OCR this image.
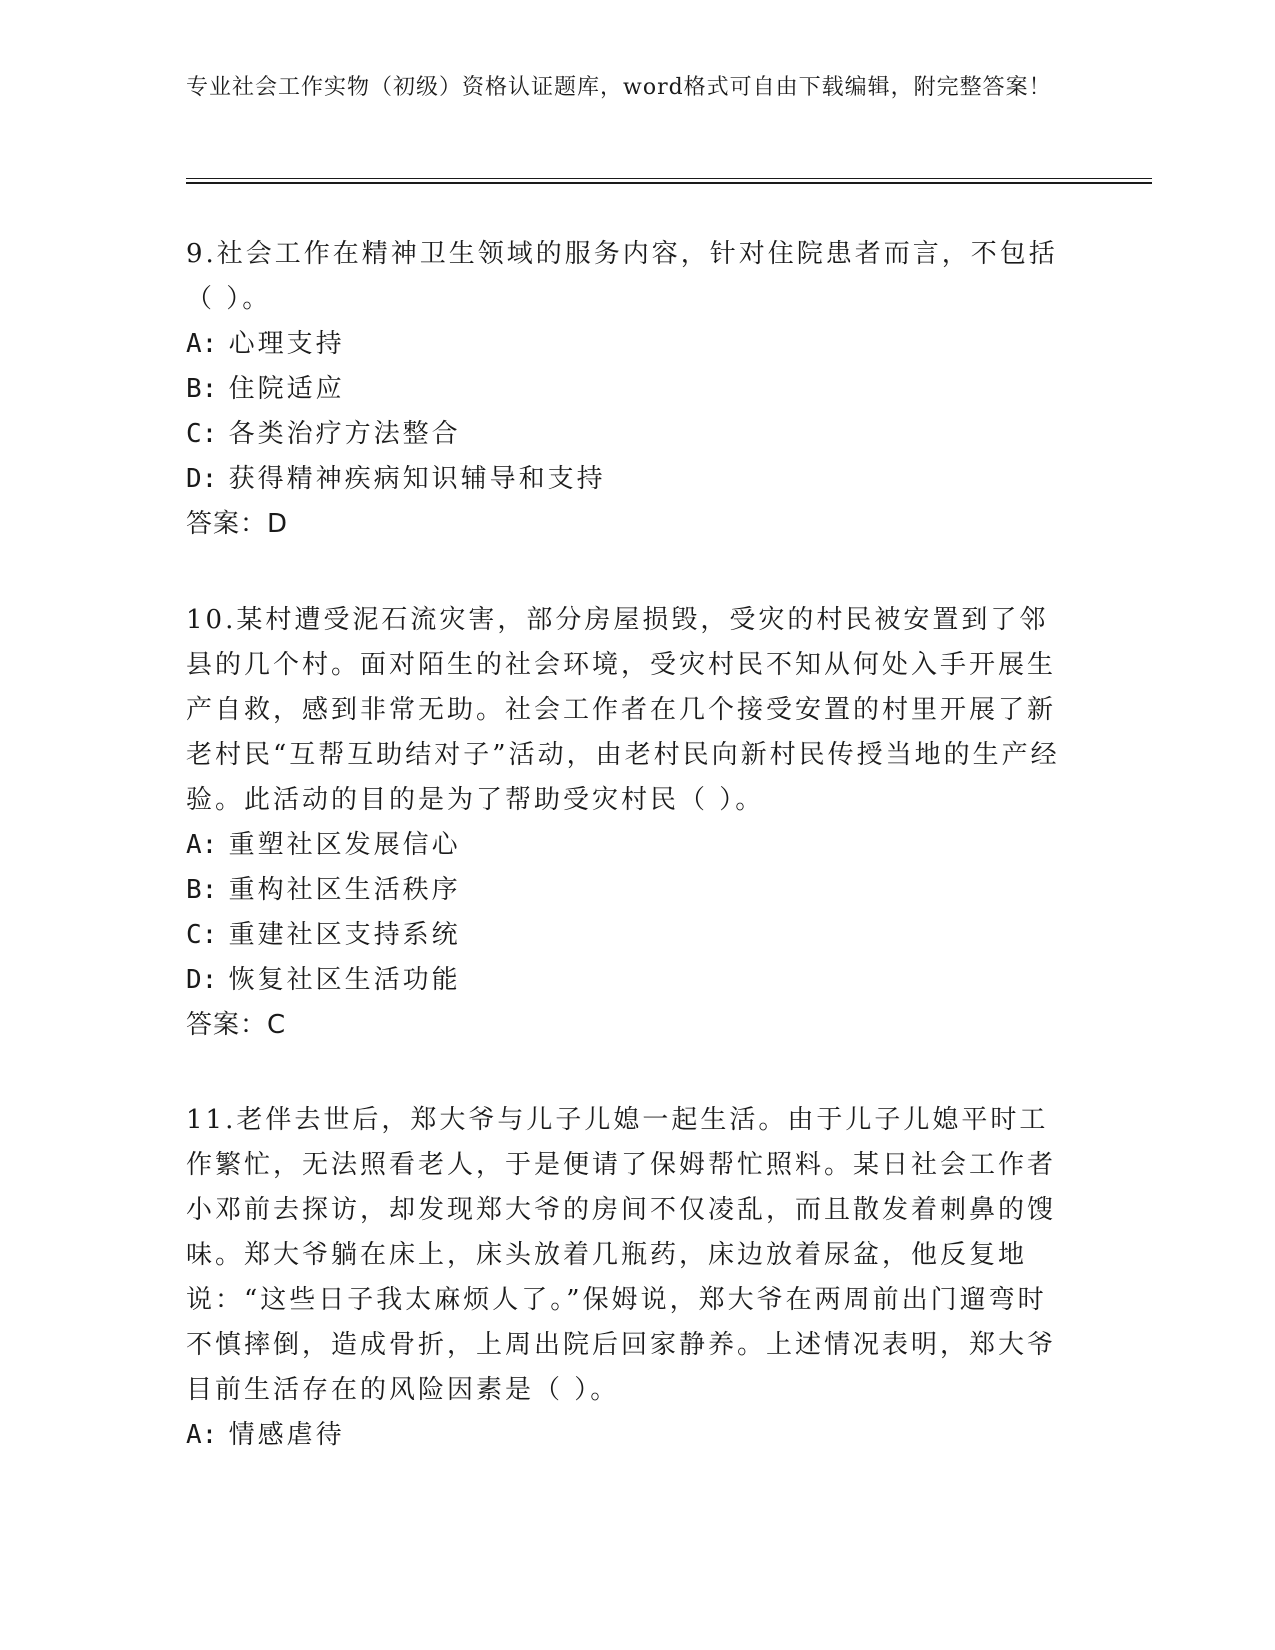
专业社会工作实物（初级）资格认证题库，word格式可自由下载编辑，附完整答案！

9.社会工作在精神卫生领域的服务内容，针对住院患者而言，不包括（ ）。

A: 心理支持

B: 住院适应

C: 各类治疗方法整合

D: 获得精神疾病知识辅导和支持

答案：D

10.某村遭受泥石流灾害，部分房屋损毁，受灾的村民被安置到了邻县的几个村。面对陌生的社会环境，受灾村民不知从何处入手开展生产自救，感到非常无助。社会工作者在几个接受安置的村里开展了新老村民“互帮互助结对子”活动，由老村民向新村民传授当地的生产经验。此活动的目的是为了帮助受灾村民（ ）。

A: 重塑社区发展信心

B: 重构社区生活秩序

C: 重建社区支持系统

D: 恢复社区生活功能

答案：C

11.老伴去世后，郑大爷与儿子儿媳一起生活。由于儿子儿媳平时工作繁忙，无法照看老人，于是便请了保姆帮忙照料。某日社会工作者小邓前去探访，却发现郑大爷的房间不仅凌乱，而且散发着刺鼻的馊味。郑大爷躺在床上，床头放着几瓶药，床边放着尿盆，他反复地说：“这些日子我太麻烦人了。”保姆说，郑大爷在两周前出门遛弯时不慎摔倒，造成骨折，上周出院后回家静养。上述情况表明，郑大爷目前生活存在的风险因素是（ ）。

A: 情感虐待
